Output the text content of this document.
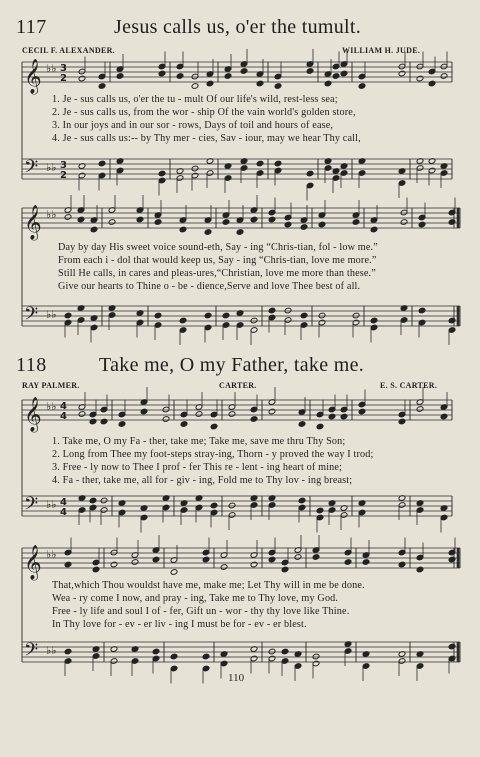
117	Jesus calls us, o'er the tumult.
CECIL F. ALEXANDER.	WILLIAM H. JUDE.
𝄞 ♭♭ 3
2
𝄢 ♭♭ 3
2
𝄞 ♭♭
𝄢 ♭♭
𝄞 ♭♭ 4
4
𝄢 ♭♭ 4
4
𝄞 ♭♭
𝄢 ♭♭
1. Je - sus calls us, o'er the tu - mult Of our life's wild, rest-less sea;
2. Je - sus calls us, from the wor - ship Of the vain world's golden store,
3. In our joys and in our sor - rows, Days of toil and hours of ease,
4. Je - sus calls us:-- by Thy mer - cies, Sav - iour, may we hear Thy call,
Day by day His sweet voice sound-eth, Say - ing “Chris-tian, fol - low me.”
From each i - dol that would keep us, Say - ing “Chris-tian, love me more.”
Still He calls, in cares and pleas-ures,“Christian, love me more than these.”
Give our hearts to Thine o - be - dience,Serve and love Thee best of all.
118	Take me, O my Father, take me.
RAY PALMER.	CARTER.	E. S. CARTER.
1. Take me, O my Fa - ther, take me; Take me, save me thru Thy Son;
2. Long from Thee my foot-steps stray-ing, Thorn - y proved the way I trod;
3. Free - ly now to Thee I prof - fer This re - lent - ing heart of mine;
4. Fa - ther, take me, all for - giv - ing, Fold me to Thy lov - ing breast;
That,which Thou wouldst have me, make me; Let Thy will in me be done.
Wea - ry come I now, and pray - ing, Take me to Thy love, my God.
Free - ly life and soul I of - fer, Gift un - wor - thy thy love like Thine.
In Thy love for - ev - er liv - ing I must be for - ev - er blest.
110
